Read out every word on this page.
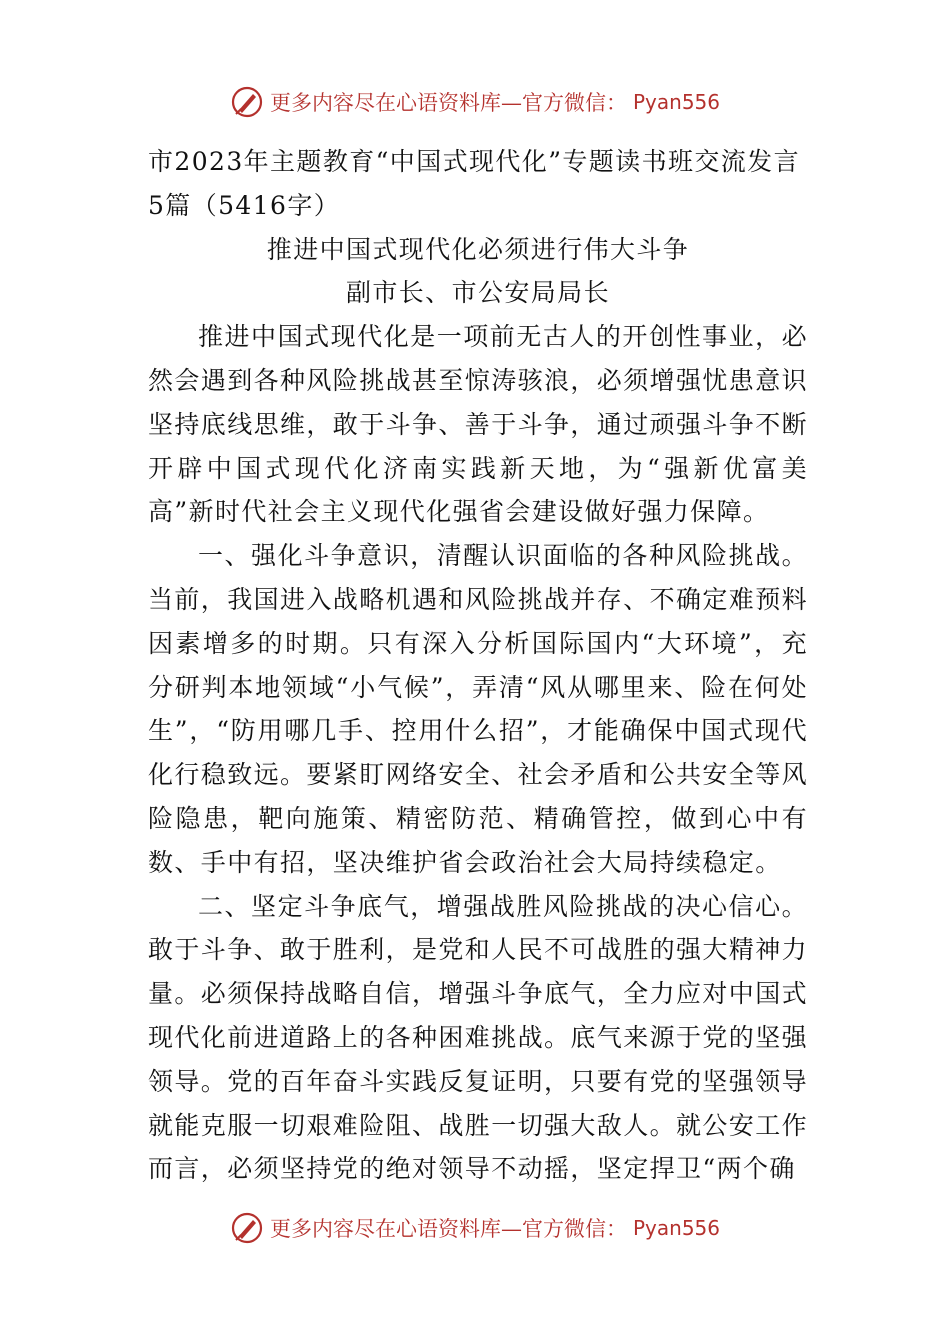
更多内容尽在心语资料库—官方微信： Pyan556

市2023年主题教育“中国式现代化”专题读书班交流发言5篇（5416字）

推进中国式现代化必须进行伟大斗争

副市长、市公安局局长

推进中国式现代化是一项前无古人的开创性事业，必然会遇到各种风险挑战甚至惊涛骇浪，必须增强忧患意识坚持底线思维，敢于斗争、善于斗争，通过顽强斗争不断开辟中国式现代化济南实践新天地，为“强新优富美高”新时代社会主义现代化强省会建设做好强力保障。

一、强化斗争意识，清醒认识面临的各种风险挑战。当前，我国进入战略机遇和风险挑战并存、不确定难预料因素增多的时期。只有深入分析国际国内“大环境”，充分研判本地领域“小气候”，弄清“风从哪里来、险在何处生”，“防用哪几手、控用什么招”，才能确保中国式现代化行稳致远。要紧盯网络安全、社会矛盾和公共安全等风险隐患，靶向施策、精密防范、精确管控，做到心中有数、手中有招，坚决维护省会政治社会大局持续稳定。

二、坚定斗争底气，增强战胜风险挑战的决心信心。敢于斗争、敢于胜利，是党和人民不可战胜的强大精神力量。必须保持战略自信，增强斗争底气，全力应对中国式现代化前进道路上的各种困难挑战。底气来源于党的坚强领导。党的百年奋斗实践反复证明，只要有党的坚强领导就能克服一切艰难险阻、战胜一切强大敌人。就公安工作而言，必须坚持党的绝对领导不动摇，坚定捍卫“两个确

更多内容尽在心语资料库—官方微信： Pyan556
